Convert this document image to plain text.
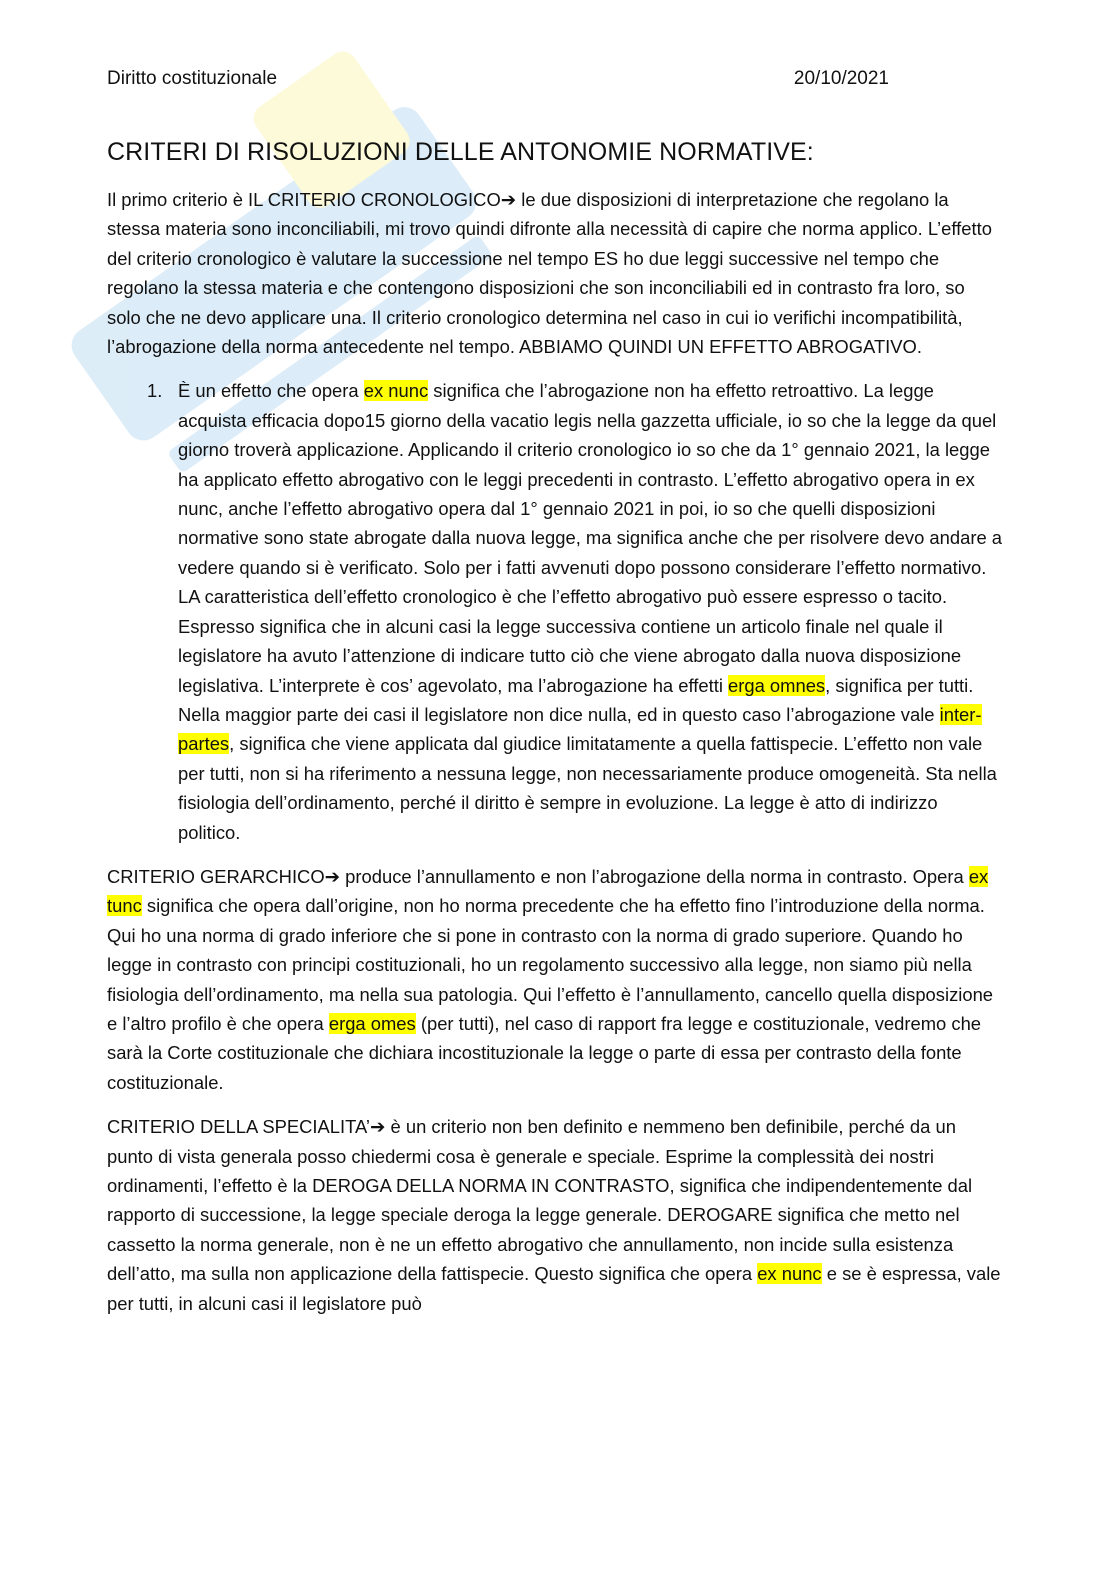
Diritto costituzionale	20/10/2021
CRITERI DI RISOLUZIONI DELLE ANTONOMIE NORMATIVE:

Il primo criterio è IL CRITERIO CRONOLOGICO➔ le due disposizioni di interpretazione che regolano la stessa materia sono inconciliabili, mi trovo quindi difronte alla necessità di capire che norma applico. L’effetto del criterio cronologico è valutare la successione nel tempo ES ho due leggi successive nel tempo che regolano la stessa materia e che contengono disposizioni che son inconciliabili ed in contrasto fra loro, so solo che ne devo applicare una. Il criterio cronologico determina nel caso in cui io verifichi incompatibilità, l’abrogazione della norma antecedente nel tempo. ABBIAMO QUINDI UN EFFETTO ABROGATIVO.

1. È un effetto che opera ex nunc significa che l’abrogazione non ha effetto retroattivo. La legge acquista efficacia dopo15 giorno della vacatio legis nella gazzetta ufficiale, io so che la legge da quel giorno troverà applicazione. Applicando il criterio cronologico io so che da 1° gennaio 2021, la legge ha applicato effetto abrogativo con le leggi precedenti in contrasto. L’effetto abrogativo opera in ex nunc, anche l’effetto abrogativo opera dal 1° gennaio 2021 in poi, io so che quelli disposizioni normative sono state abrogate dalla nuova legge, ma significa anche che per risolvere devo andare a vedere quando si è verificato. Solo per i fatti avvenuti dopo possono considerare l’effetto normativo. LA caratteristica dell’effetto cronologico è che l’effetto abrogativo può essere espresso o tacito. Espresso significa che in alcuni casi la legge successiva contiene un articolo finale nel quale il legislatore ha avuto l’attenzione di indicare tutto ciò che viene abrogato dalla nuova disposizione legislativa. L’interprete è cos’ agevolato, ma l’abrogazione ha effetti erga omnes, significa per tutti. Nella maggior parte dei casi il legislatore non dice nulla, ed in questo caso l’abrogazione vale inter-partes, significa che viene applicata dal giudice limitatamente a quella fattispecie. L’effetto non vale per tutti, non si ha riferimento a nessuna legge, non necessariamente produce omogeneità. Sta nella fisiologia dell’ordinamento, perché il diritto è sempre in evoluzione. La legge è atto di indirizzo politico.

CRITERIO GERARCHICO➔ produce l’annullamento e non l’abrogazione della norma in contrasto. Opera ex tunc significa che opera dall’origine, non ho norma precedente che ha effetto fino l’introduzione della norma. Qui ho una norma di grado inferiore che si pone in contrasto con la norma di grado superiore. Quando ho legge in contrasto con principi costituzionali, ho un regolamento successivo alla legge, non siamo più nella fisiologia dell’ordinamento, ma nella sua patologia. Qui l’effetto è l’annullamento, cancello quella disposizione e l’altro profilo è che opera erga omes (per tutti), nel caso di rapport fra legge e costituzionale, vedremo che sarà la Corte costituzionale che dichiara incostituzionale la legge o parte di essa per contrasto della fonte costituzionale.

CRITERIO DELLA SPECIALITA’➔ è un criterio non ben definito e nemmeno ben definibile, perché da un punto di vista generala posso chiedermi cosa è generale e speciale. Esprime la complessità dei nostri ordinamenti, l’effetto è la DEROGA DELLA NORMA IN CONTRASTO, significa che indipendentemente dal rapporto di successione, la legge speciale deroga la legge generale. DEROGARE significa che metto nel cassetto la norma generale, non è ne un effetto abrogativo che annullamento, non incide sulla esistenza dell’atto, ma sulla non applicazione della fattispecie. Questo significa che opera ex nunc e se è espressa, vale per tutti, in alcuni casi il legislatore può
